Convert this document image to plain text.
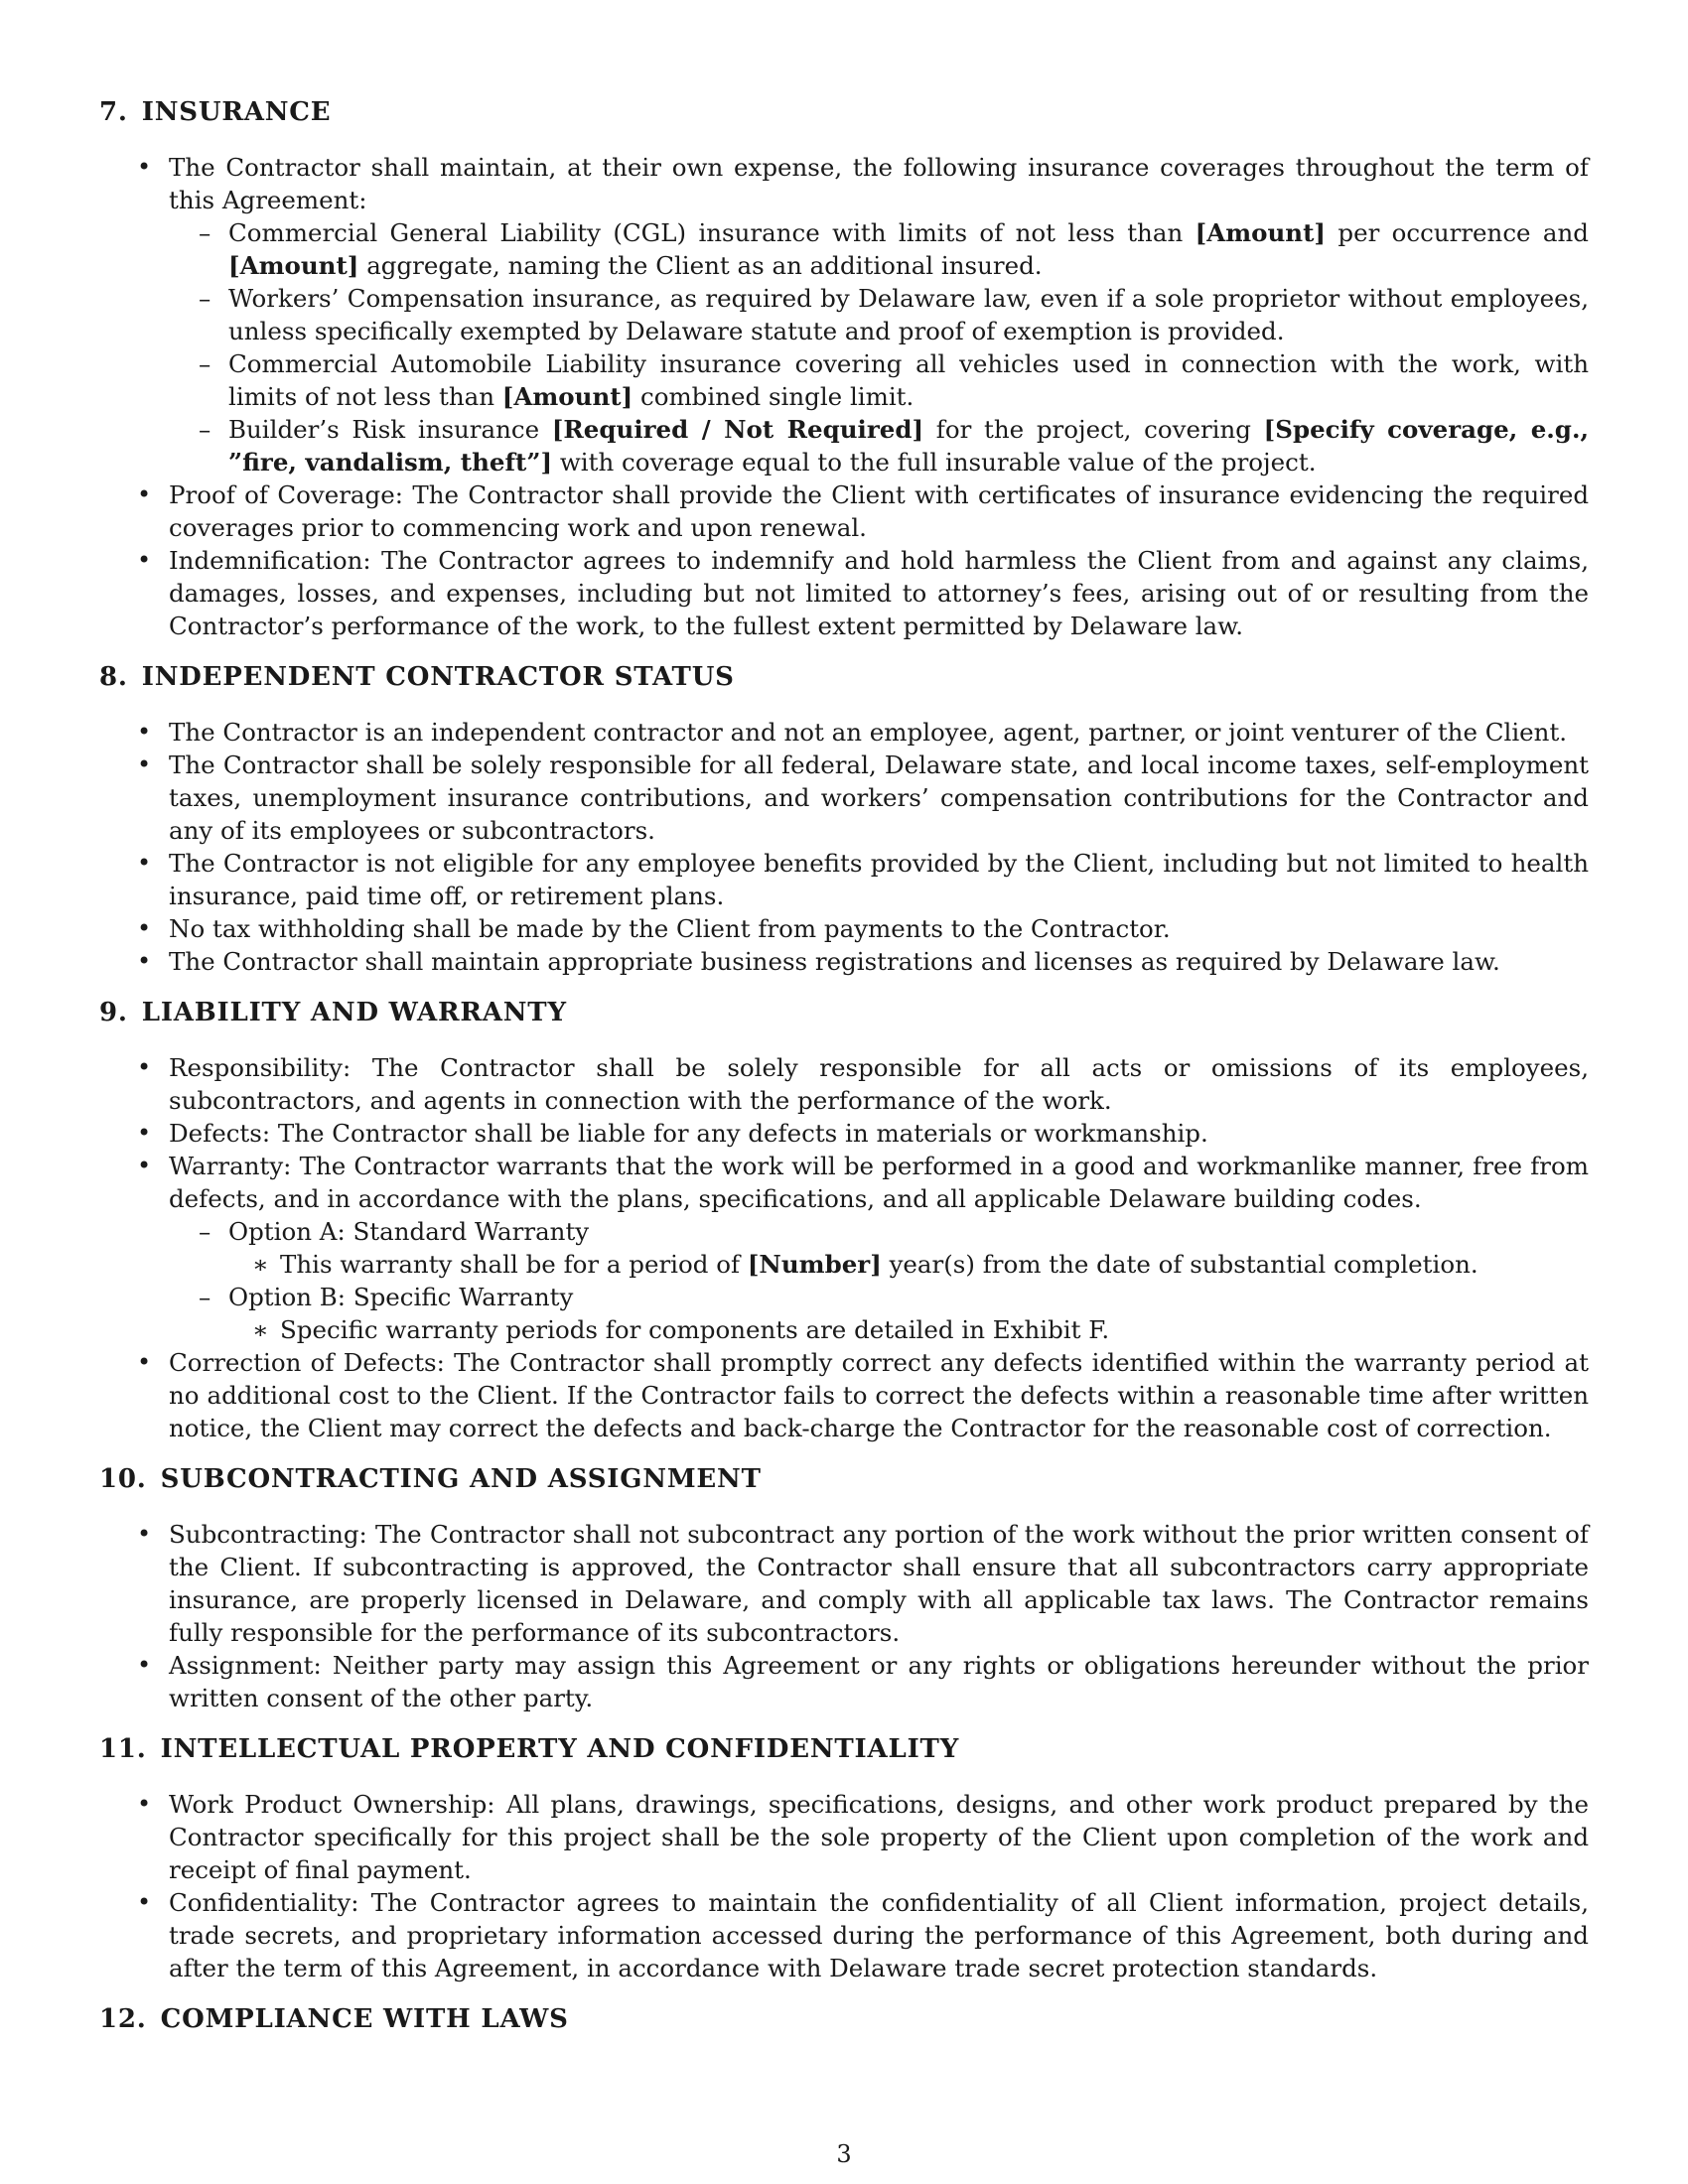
7. INSURANCE
• The Contractor shall maintain, at their own expense, the following insurance coverages throughout the term of this Agreement:
– Commercial General Liability (CGL) insurance with limits of not less than [Amount] per occurrence and [Amount] aggregate, naming the Client as an additional insured.
– Workers’ Compensation insurance, as required by Delaware law, even if a sole proprietor without employees, unless specifically exempted by Delaware statute and proof of exemption is provided.
– Commercial Automobile Liability insurance covering all vehicles used in connection with the work, with limits of not less than [Amount] combined single limit.
– Builder’s Risk insurance [Required / Not Required] for the project, covering [Specify coverage, e.g., ”fire, vandalism, theft”] with coverage equal to the full insurable value of the project.
• Proof of Coverage: The Contractor shall provide the Client with certificates of insurance evidencing the required coverages prior to commencing work and upon renewal.
• Indemnification: The Contractor agrees to indemnify and hold harmless the Client from and against any claims, damages, losses, and expenses, including but not limited to attorney’s fees, arising out of or resulting from the Contractor’s performance of the work, to the fullest extent permitted by Delaware law.
8. INDEPENDENT CONTRACTOR STATUS
• The Contractor is an independent contractor and not an employee, agent, partner, or joint venturer of the Client.
• The Contractor shall be solely responsible for all federal, Delaware state, and local income taxes, self-employment taxes, unemployment insurance contributions, and workers’ compensation contributions for the Contractor and any of its employees or subcontractors.
• The Contractor is not eligible for any employee benefits provided by the Client, including but not limited to health insurance, paid time off, or retirement plans.
• No tax withholding shall be made by the Client from payments to the Contractor.
• The Contractor shall maintain appropriate business registrations and licenses as required by Delaware law.
9. LIABILITY AND WARRANTY
• Responsibility: The Contractor shall be solely responsible for all acts or omissions of its employees, subcontractors, and agents in connection with the performance of the work.
• Defects: The Contractor shall be liable for any defects in materials or workmanship.
• Warranty: The Contractor warrants that the work will be performed in a good and workmanlike manner, free from defects, and in accordance with the plans, specifications, and all applicable Delaware building codes.
– Option A: Standard Warranty
∗ This warranty shall be for a period of [Number] year(s) from the date of substantial completion.
– Option B: Specific Warranty
∗ Specific warranty periods for components are detailed in Exhibit F.
• Correction of Defects: The Contractor shall promptly correct any defects identified within the warranty period at no additional cost to the Client. If the Contractor fails to correct the defects within a reasonable time after written notice, the Client may correct the defects and back-charge the Contractor for the reasonable cost of correction.
10. SUBCONTRACTING AND ASSIGNMENT
• Subcontracting: The Contractor shall not subcontract any portion of the work without the prior written consent of the Client. If subcontracting is approved, the Contractor shall ensure that all subcontractors carry appropriate insurance, are properly licensed in Delaware, and comply with all applicable tax laws. The Contractor remains fully responsible for the performance of its subcontractors.
• Assignment: Neither party may assign this Agreement or any rights or obligations hereunder without the prior written consent of the other party.
11. INTELLECTUAL PROPERTY AND CONFIDENTIALITY
• Work Product Ownership: All plans, drawings, specifications, designs, and other work product prepared by the Contractor specifically for this project shall be the sole property of the Client upon completion of the work and receipt of final payment.
• Confidentiality: The Contractor agrees to maintain the confidentiality of all Client information, project details, trade secrets, and proprietary information accessed during the performance of this Agreement, both during and after the term of this Agreement, in accordance with Delaware trade secret protection standards.
12. COMPLIANCE WITH LAWS
3
